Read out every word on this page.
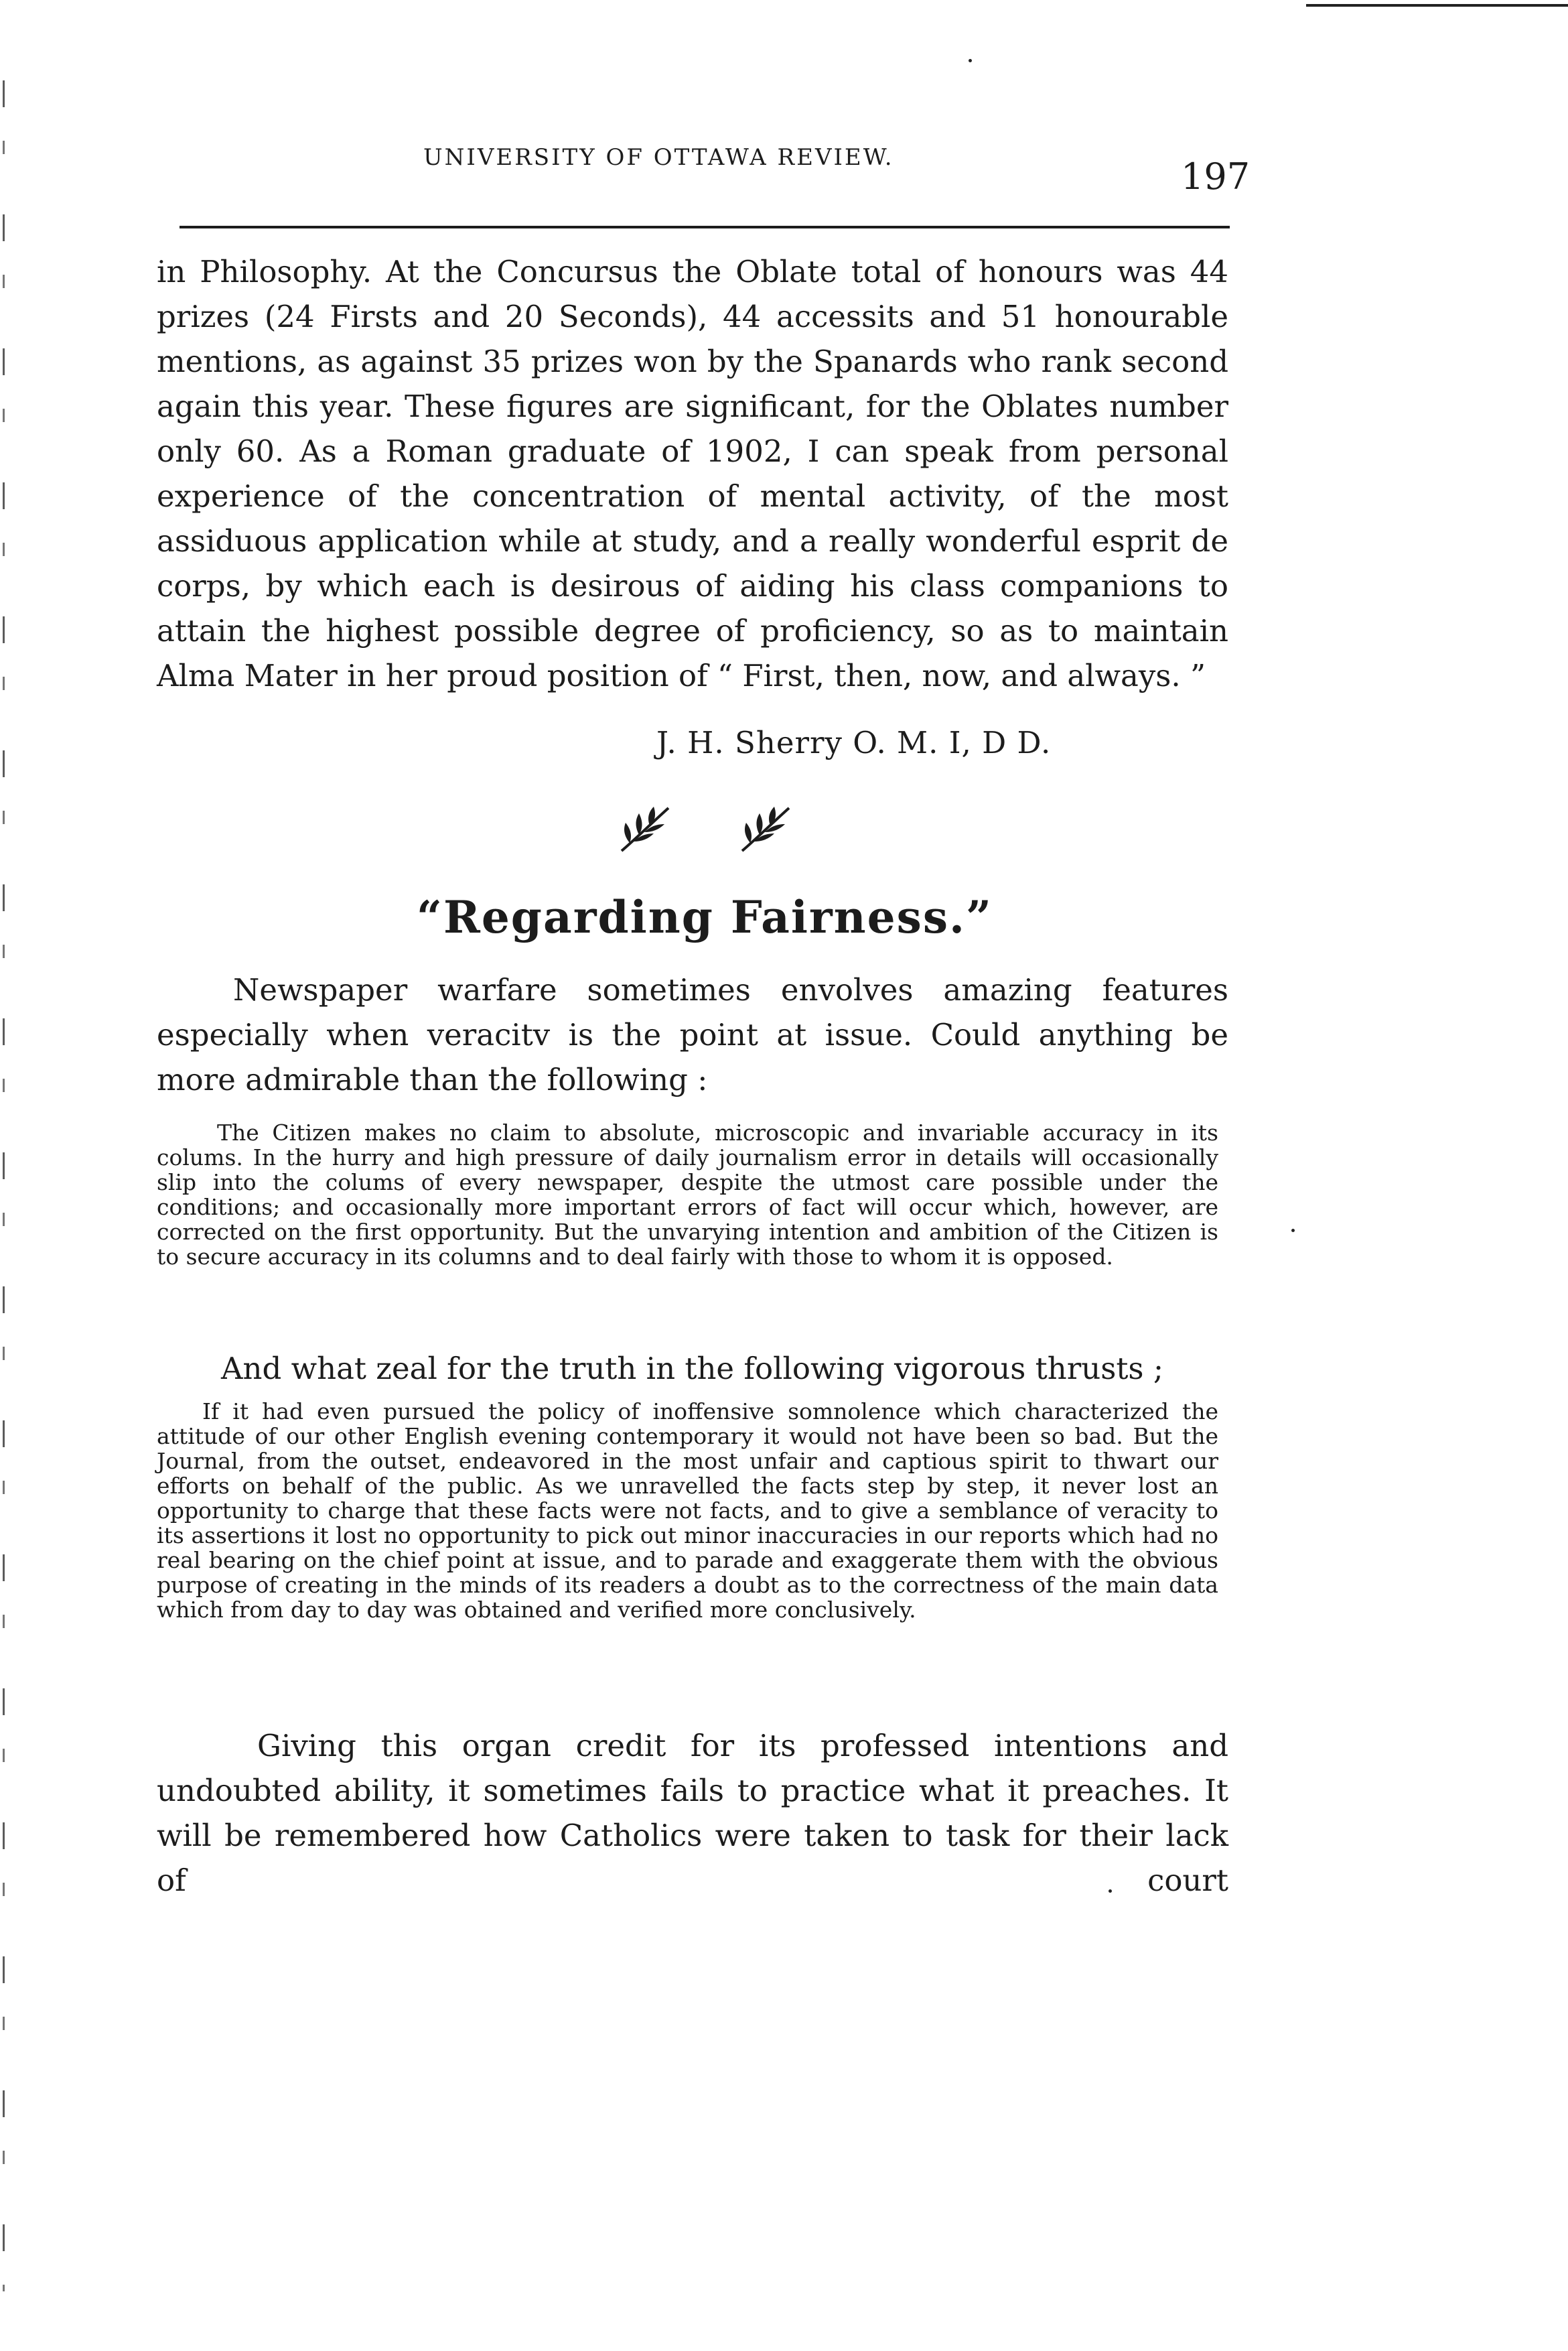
UNIVERSITY OF OTTAWA REVIEW.	197

in Philosophy. At the Concursus the Oblate total of honours was 44 prizes (24 Firsts and 20 Seconds), 44 accessits and 51 honourable mentions, as against 35 prizes won by the Spanards who rank second again this year. These figures are significant, for the Oblates number only 60. As a Roman graduate of 1902, I can speak from personal experience of the concentration of mental activity, of the most assiduous application while at study, and a really wonderful esprit de corps, by which each is desirous of aiding his class companions to attain the highest possible degree of proficiency, so as to maintain Alma Mater in her proud position of “ First, then, now, and always. ”

J. H. Sherry O. M. I, D D.
“Regarding Fairness.”

Newspaper warfare sometimes envolves amazing features especially when veracitv is the point at issue. Could anything be more admirable than the following :

The Citizen makes no claim to absolute, microscopic and invariable accuracy in its colums. In the hurry and high pressure of daily journalism error in details will occasionally slip into the colums of every newspaper, despite the utmost care possible under the conditions; and occasionally more important errors of fact will occur which, however, are corrected on the first opportunity. But the unvarying intention and ambition of the Citizen is to secure accuracy in its columns and to deal fairly with those to whom it is opposed.

And what zeal for the truth in the following vigorous thrusts ;

If it had even pursued the policy of inoffensive somnolence which characterized the attitude of our other English evening contemporary it would not have been so bad. But the Journal, from the outset, endeavored in the most unfair and captious spirit to thwart our efforts on behalf of the public. As we unravelled the facts step by step, it never lost an opportunity to charge that these facts were not facts, and to give a semblance of veracity to its assertions it lost no opportunity to pick out minor inaccuracies in our reports which had no real bearing on the chief point at issue, and to parade and exaggerate them with the obvious purpose of creating in the minds of its readers a doubt as to the correctness of the main data which from day to day was obtained and verified more conclusively.

Giving this organ credit for its professed intentions and undoubted ability, it sometimes fails to practice what it preaches. It will be remembered how Catholics were taken to task for their lack of court
